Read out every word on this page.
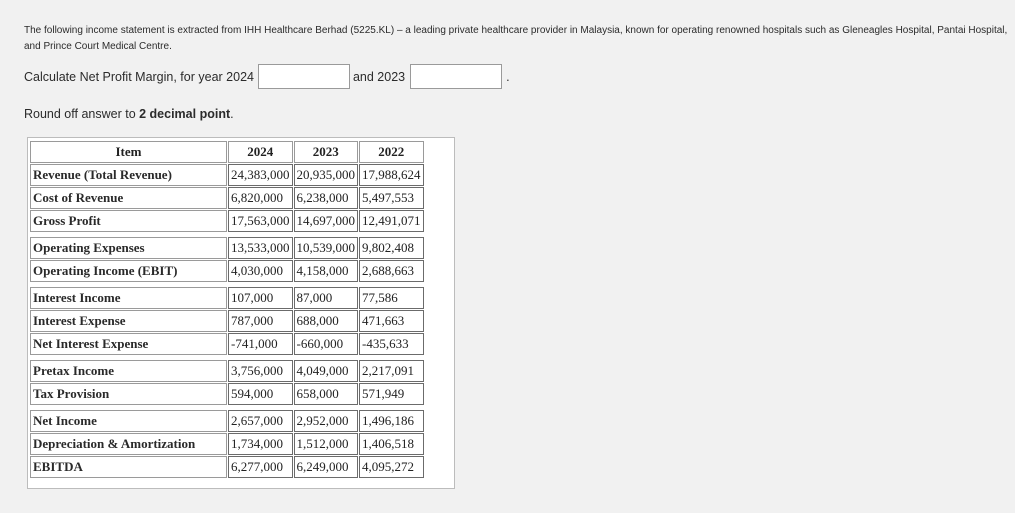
The following income statement is extracted from IHH Healthcare Berhad (5225.KL) – a leading private healthcare provider in Malaysia, known for operating renowned hospitals such as Gleneagles Hospital, Pantai Hospital, and Prince Court Medical Centre.
Calculate Net Profit Margin, for year 2024	and 2023	.
Round off answer to 2 decimal point.
Item	2024	2023	2022
Revenue (Total Revenue)	24,383,000	20,935,000	17,988,624
Cost of Revenue	6,820,000	6,238,000	5,497,553
Gross Profit	17,563,000	14,697,000	12,491,071

Operating Expenses	13,533,000	10,539,000	9,802,408
Operating Income (EBIT)	4,030,000	4,158,000	2,688,663

Interest Income	107,000	87,000	77,586
Interest Expense	787,000	688,000	471,663
Net Interest Expense	-741,000	-660,000	-435,633

Pretax Income	3,756,000	4,049,000	2,217,091
Tax Provision	594,000	658,000	571,949

Net Income	2,657,000	2,952,000	1,496,186
Depreciation & Amortization	1,734,000	1,512,000	1,406,518
EBITDA	6,277,000	6,249,000	4,095,272
